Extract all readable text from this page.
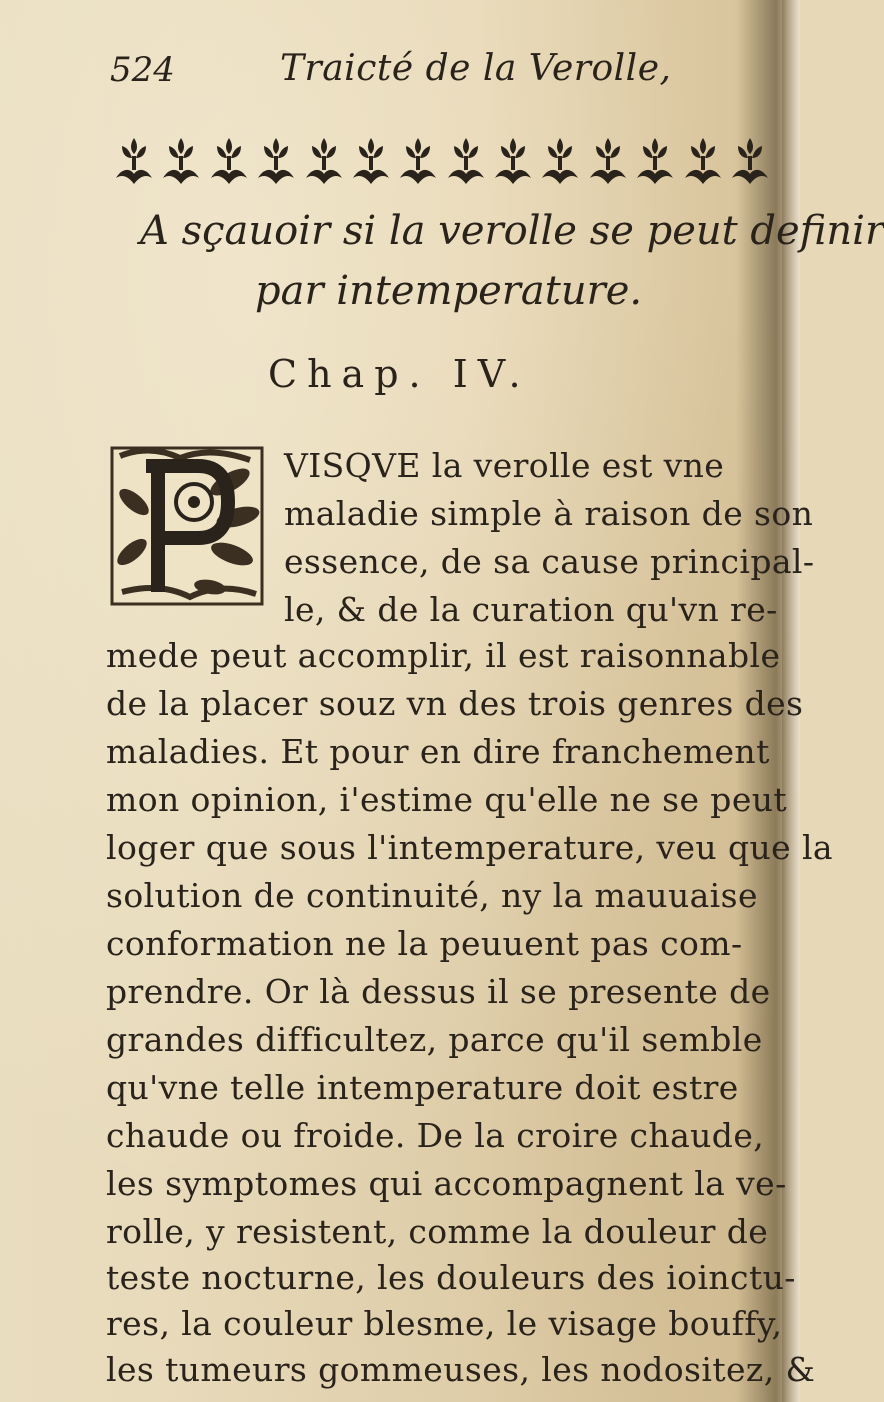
524	Traicté de la Verolle,
A sçauoir si la verolle se peut definir
par intemperature.
Chap. IV.
VISQVE la verolle est vne
maladie simple à raison de son
essence, de sa cause principal-
le, & de la curation qu'vn re-
mede peut accomplir, il est raisonnable
de la placer souz vn des trois genres des
maladies. Et pour en dire franchement
mon opinion, i'estime qu'elle ne se peut
loger que sous l'intemperature, veu que la
solution de continuité, ny la mauuaise
conformation ne la peuuent pas com-
prendre. Or là dessus il se presente de
grandes difficultez, parce qu'il semble
qu'vne telle intemperature doit estre
chaude ou froide. De la croire chaude,
les symptomes qui accompagnent la ve-
rolle, y resistent, comme la douleur de
teste nocturne, les douleurs des ioinctu-
res, la couleur blesme, le visage bouffy,
les tumeurs gommeuses, les nodositez, &
